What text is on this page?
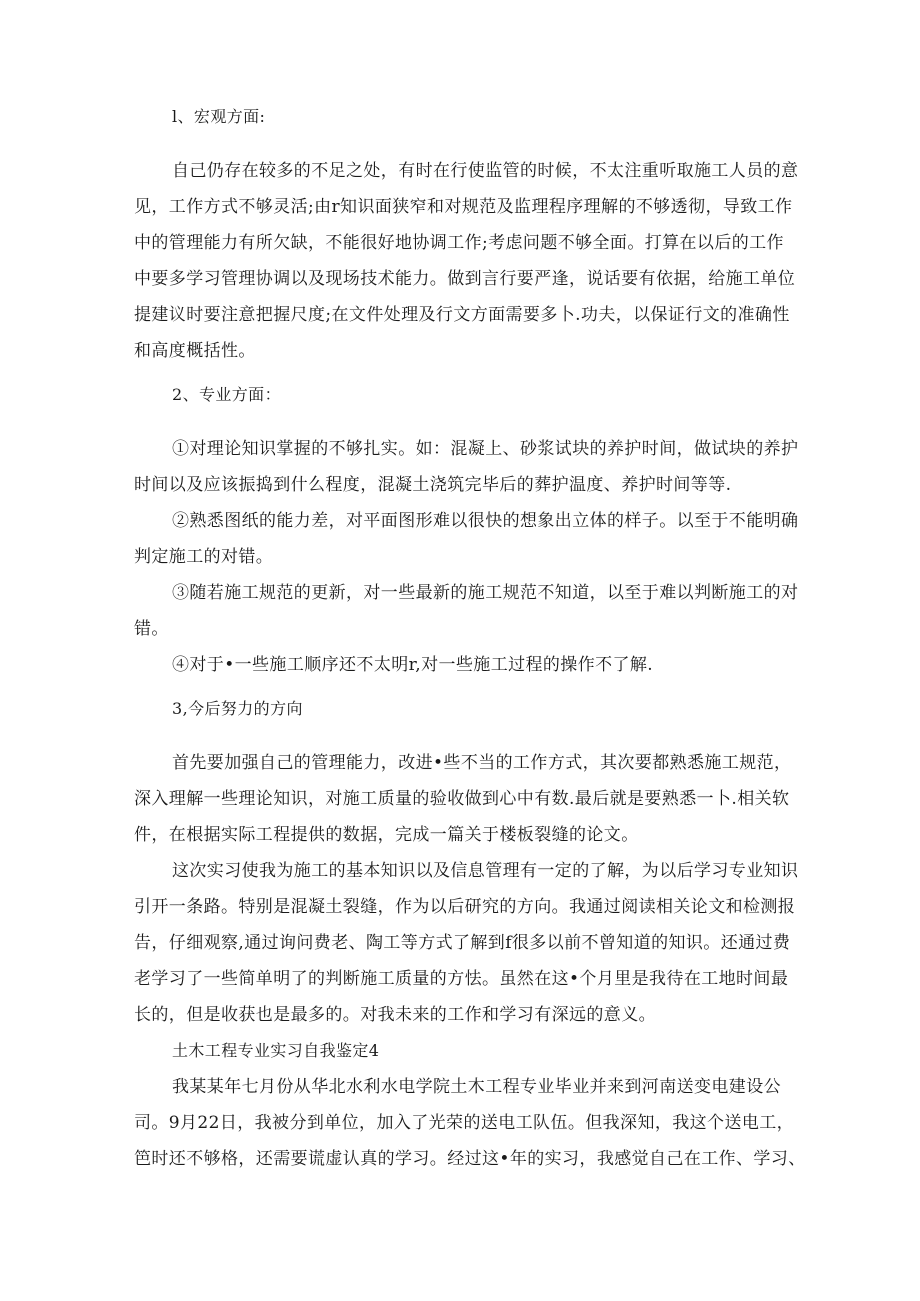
l、宏观方面:

自己仍存在较多的不足之处，有时在行使监管的时候，不太注重听取施工人员的意

见，工作方式不够灵活;由r知识面狭窄和对规范及监理程序理解的不够透彻，导致工作

中的管理能力有所欠缺，不能很好地协调工作;考虑问题不够全面。打算在以后的工作

中要多学习管理协调以及现场技术能力。做到言行要严逢，说话要有依据，给施工单位

提建议时要注意把握尺度;在文件处理及行文方面需要多卜.功夫，以保证行文的准确性

和高度概括性。

2、专业方面：

①对理论知识掌握的不够扎实。如：混凝上、砂浆试块的养护时间，做试块的养护

时间以及应该振捣到什么程度，混凝土浇筑完毕后的葬护温度、养护时间等等.

②熟悉图纸的能力差，对平面图形难以很快的想象出立体的样子。以至于不能明确

判定施工的对错。

③随若施工规范的更新，对一些最新的施工规范不知道，以至于难以判断施工的对

错。

④对于•一些施工顺序还不太明r,对一些施工过程的操作不了解.

3,今后努力的方向

首先要加强自己的管理能力，改进•些不当的工作方式，其次要都熟悉施工规范，

深入理解一些理论知识，对施工质量的验收做到心中有数.最后就是要熟悉一卜.相关软

件，在根据实际工程提供的数据，完成一篇关于楼板裂缝的论文。

这次实习使我为施工的基本知识以及信息管理有一定的了解，为以后学习专业知识

引开一条路。特别是混凝土裂缝，作为以后研究的方向。我通过阅读相关论文和检测报

告，仔细观察,通过询问费老、陶工等方式了解到f很多以前不曾知道的知识。还通过费

老学习了一些简单明了的判断施工质量的方怯。虽然在这•个月里是我待在工地时间最

长的，但是收获也是最多的。对我未来的工作和学习有深远的意义。

土木工程专业实习自我鉴定4

我某某年七月份从华北水利水电学院土木工程专业毕业并来到河南送变电建设公

司。9月22日，我被分到单位，加入了光荣的送电工队伍。但我深知，我这个送电工，

笆时还不够格，还需要谎虚认真的学习。经过这•年的实习，我感觉自己在工作、学习、
